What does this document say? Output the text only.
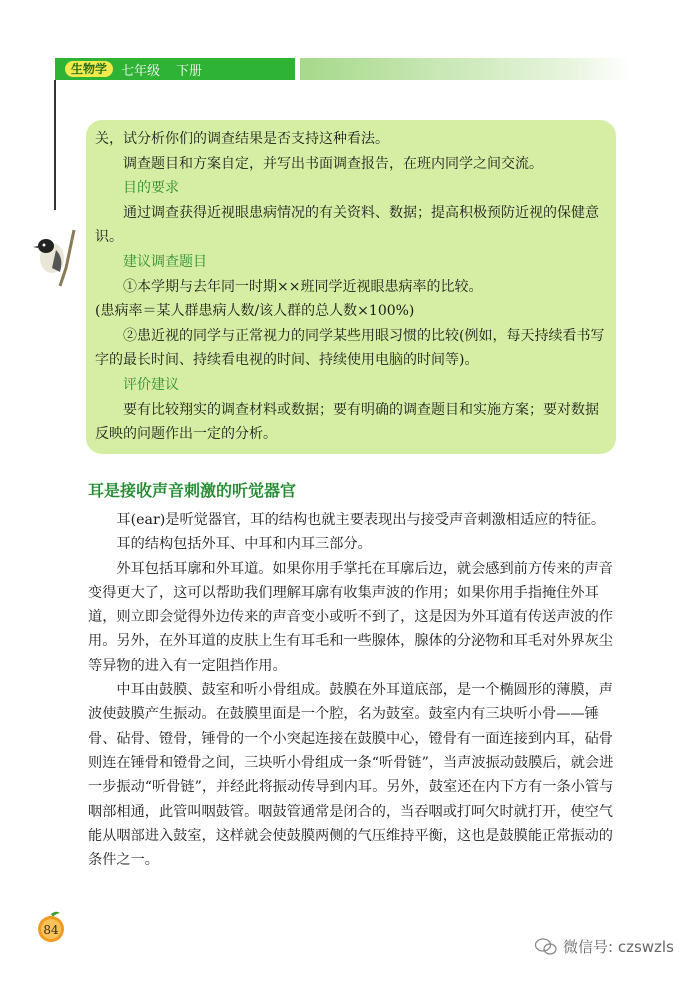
生物学	七年级 下册

关，试分析你们的调查结果是否支持这种看法。

调查题目和方案自定，并写出书面调查报告，在班内同学之间交流。

目的要求

通过调查获得近视眼患病情况的有关资料、数据；提高积极预防近视的保健意识。

建议调查题目

①本学期与去年同一时期××班同学近视眼患病率的比较。

(患病率＝某人群患病人数/该人群的总人数×100%)

②患近视的同学与正常视力的同学某些用眼习惯的比较(例如，每天持续看书写字的最长时间、持续看电视的时间、持续使用电脑的时间等)。

评价建议

要有比较翔实的调查材料或数据；要有明确的调查题目和实施方案；要对数据反映的问题作出一定的分析。

耳是接收声音刺激的听觉器官

耳(ear)是听觉器官，耳的结构也就主要表现出与接受声音刺激相适应的特征。

耳的结构包括外耳、中耳和内耳三部分。

外耳包括耳廓和外耳道。如果你用手掌托在耳廓后边，就会感到前方传来的声音变得更大了，这可以帮助我们理解耳廓有收集声波的作用；如果你用手指掩住外耳道，则立即会觉得外边传来的声音变小或听不到了，这是因为外耳道有传送声波的作用。另外，在外耳道的皮肤上生有耳毛和一些腺体，腺体的分泌物和耳毛对外界灰尘等异物的进入有一定阻挡作用。

中耳由鼓膜、鼓室和听小骨组成。鼓膜在外耳道底部，是一个椭圆形的薄膜，声波使鼓膜产生振动。在鼓膜里面是一个腔，名为鼓室。鼓室内有三块听小骨——锤骨、砧骨、镫骨，锤骨的一个小突起连接在鼓膜中心，镫骨有一面连接到内耳，砧骨则连在锤骨和镫骨之间，三块听小骨组成一条“听骨链”，当声波振动鼓膜后，就会进一步振动“听骨链”，并经此将振动传导到内耳。另外，鼓室还在内下方有一条小管与咽部相通，此管叫咽鼓管。咽鼓管通常是闭合的，当吞咽或打呵欠时就打开，使空气能从咽部进入鼓室，这样就会使鼓膜两侧的气压维持平衡，这也是鼓膜能正常振动的条件之一。

84
微信号: czswzls
